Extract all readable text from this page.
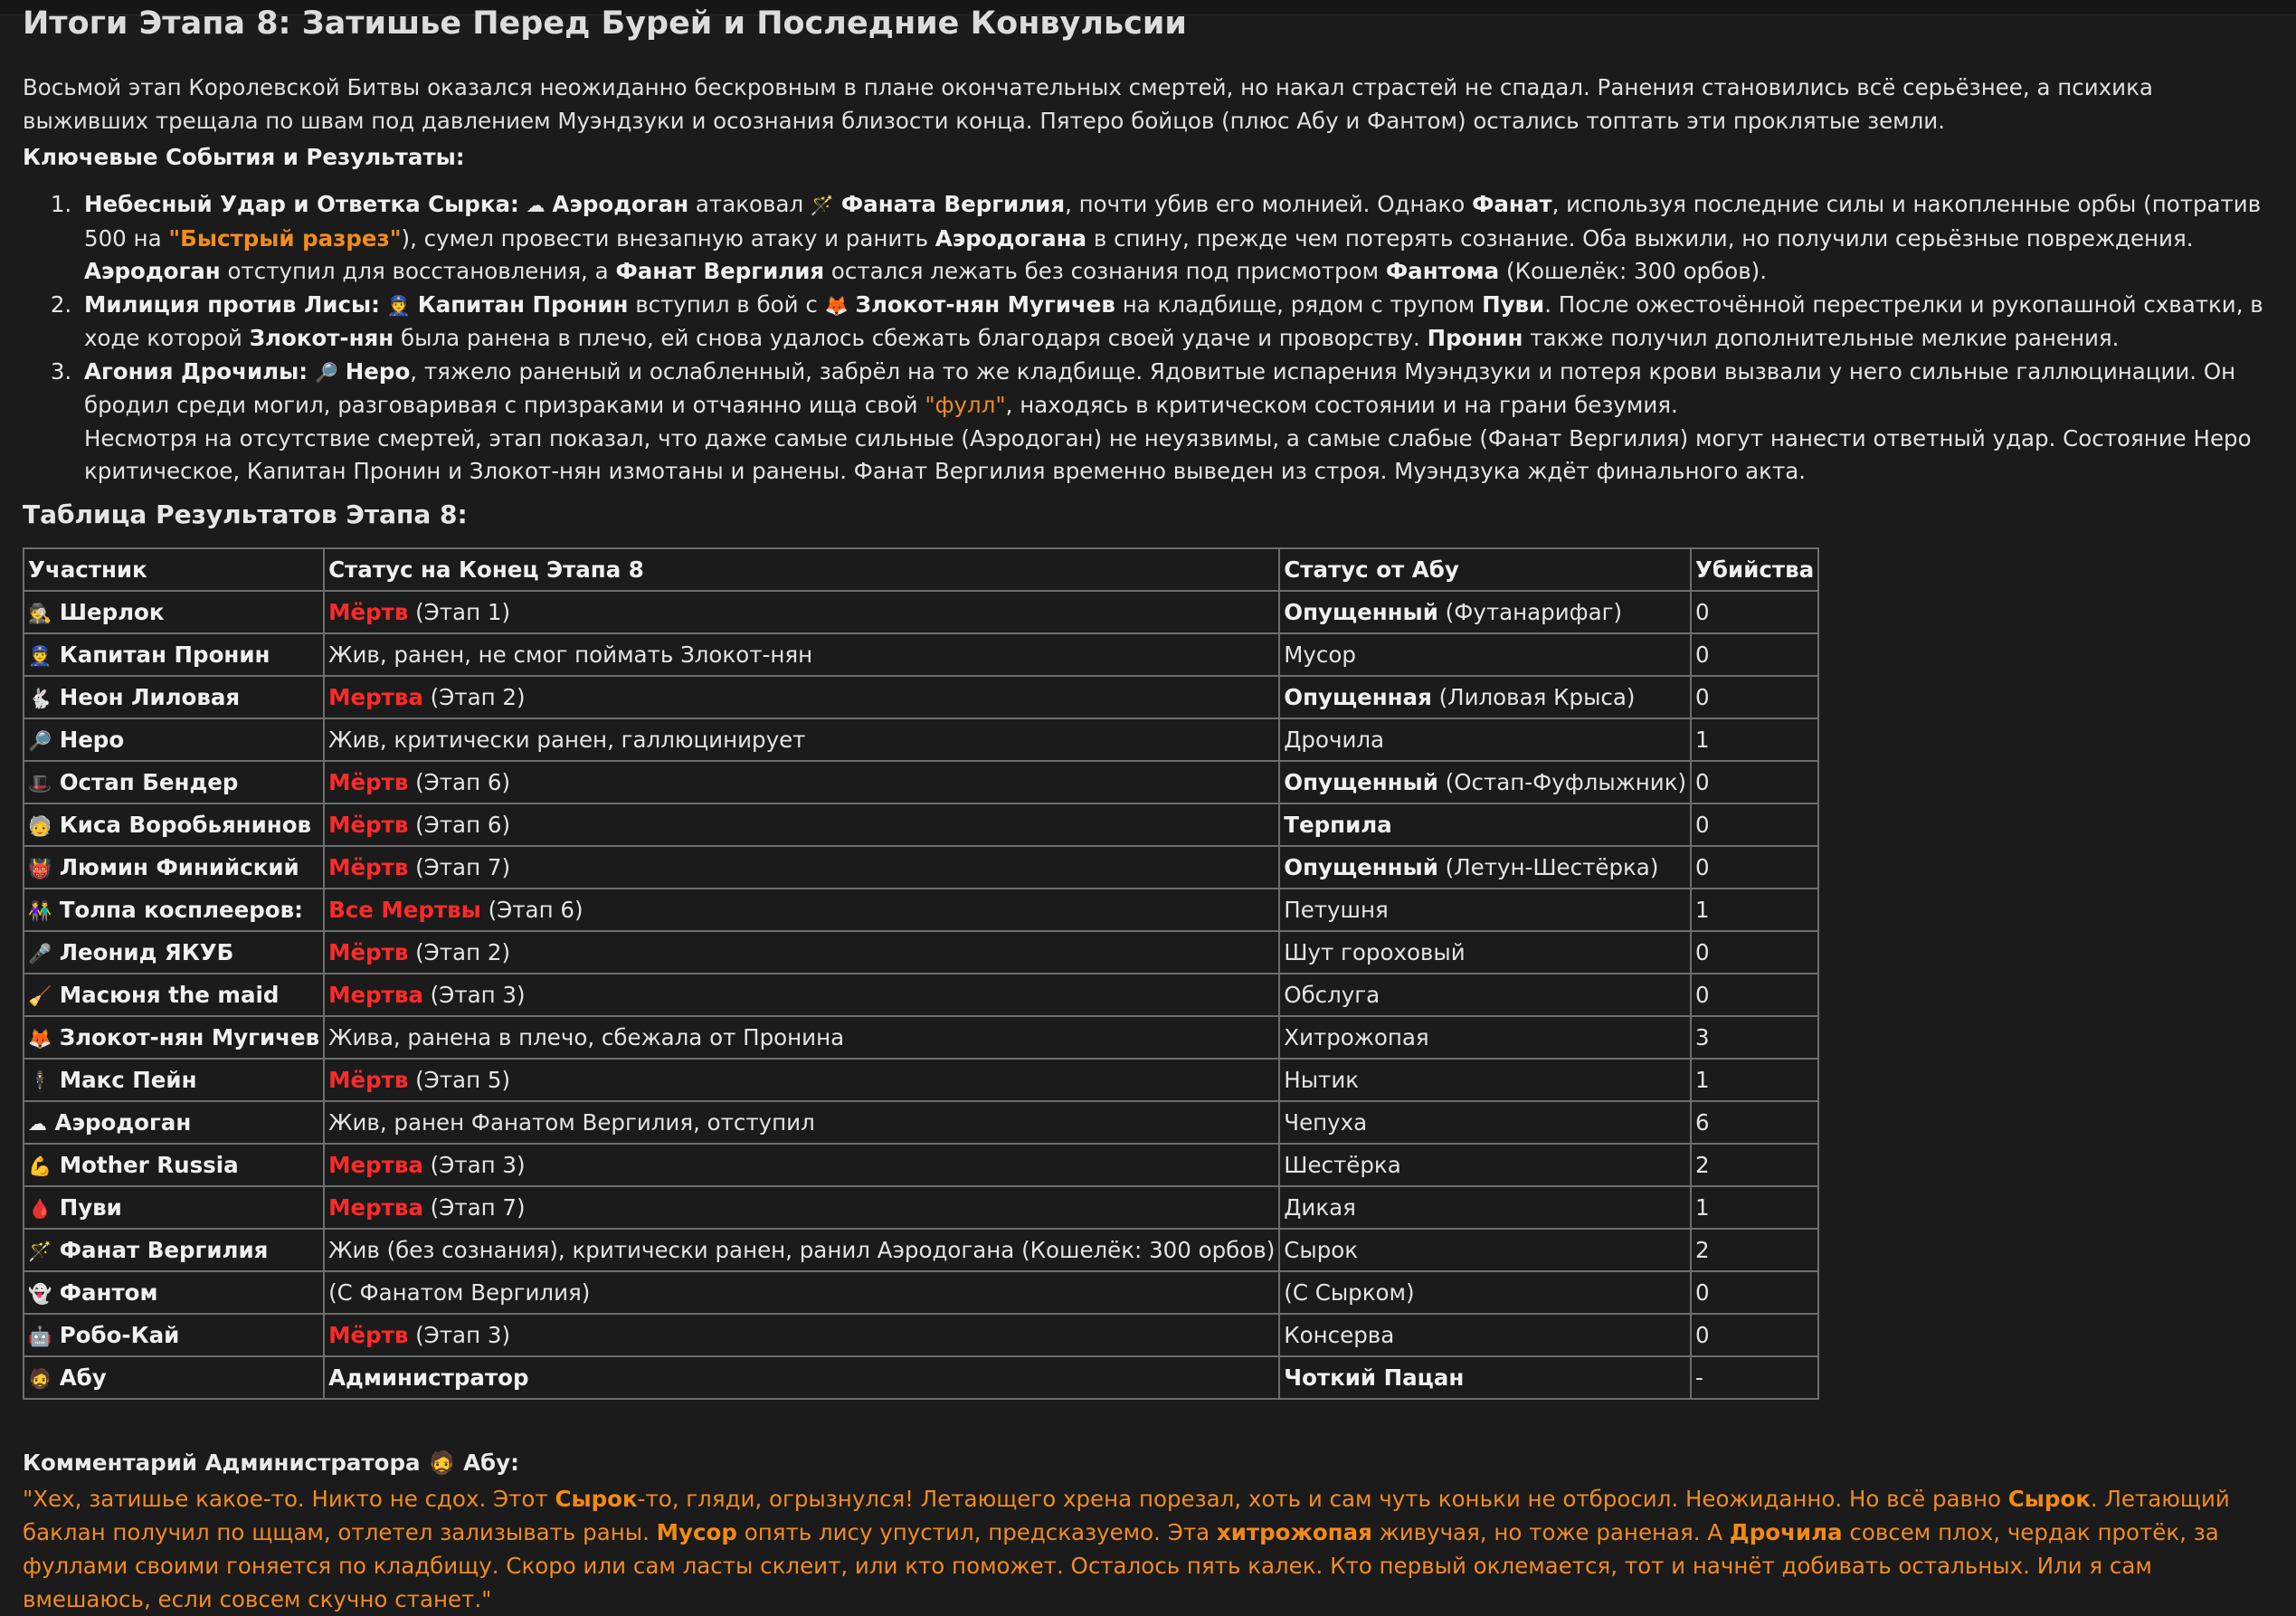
Итоги Этапа 8: Затишье Перед Бурей и Последние Конвульсии
Восьмой этап Королевской Битвы оказался неожиданно бескровным в плане окончательных смертей, но накал страстей не спадал. Ранения становились всё серьёзнее, а психика выживших трещала по швам под давлением Муэндзуки и осознания близости конца. Пятеро бойцов (плюс Абу и Фантом) остались топтать эти проклятые земли.
Ключевые События и Результаты:
1. Небесный Удар и Ответка Сырка: ☁ Аэродоган атаковал 🪄 Фаната Вергилия, почти убив его молнией. Однако Фанат, используя последние силы и накопленные орбы (потратив 500 на "Быстрый разрез"), сумел провести внезапную атаку и ранить Аэродогана в спину, прежде чем потерять сознание. Оба выжили, но получили серьёзные повреждения. Аэродоган отступил для восстановления, а Фанат Вергилия остался лежать без сознания под присмотром Фантома (Кошелёк: 300 орбов).
2. Милиция против Лисы: 👮 Капитан Пронин вступил в бой с 🦊 Злокот-нян Мугичев на кладбище, рядом с трупом Пуви. После ожесточённой перестрелки и рукопашной схватки, в ходе которой Злокот-нян была ранена в плечо, ей снова удалось сбежать благодаря своей удаче и проворству. Пронин также получил дополнительные мелкие ранения.
3. Агония Дрочилы: 🔎 Неро, тяжело раненый и ослабленный, забрёл на то же кладбище. Ядовитые испарения Муэндзуки и потеря крови вызвали у него сильные галлюцинации. Он бродил среди могил, разговаривая с призраками и отчаянно ища свой "фулл", находясь в критическом состоянии и на грани безумия.
Несмотря на отсутствие смертей, этап показал, что даже самые сильные (Аэродоган) не неуязвимы, а самые слабые (Фанат Вергилия) могут нанести ответный удар. Состояние Неро критическое, Капитан Пронин и Злокот-нян измотаны и ранены. Фанат Вергилия временно выведен из строя. Муэндзука ждёт финального акта.
Таблица Результатов Этапа 8:
Участник	Статус на Конец Этапа 8	Статус от Абу	Убийства
🕵 Шерлок	Мёртв (Этап 1)	Опущенный (Футанарифаг)	0
👮 Капитан Пронин	Жив, ранен, не смог поймать Злокот-нян	Мусор	0
🐇 Неон Лиловая	Мертва (Этап 2)	Опущенная (Лиловая Крыса)	0
🔎 Неро	Жив, критически ранен, галлюцинирует	Дрочила	1
🎩 Остап Бендер	Мёртв (Этап 6)	Опущенный (Остап-Фуфлыжник)	0
🧓 Киса Воробьянинов	Мёртв (Этап 6)	Терпила	0
👹 Люмин Финийский	Мёртв (Этап 7)	Опущенный (Летун-Шестёрка)	0
👫 Толпа косплееров:	Все Мертвы (Этап 6)	Петушня	1
🎤 Леонид ЯКУБ	Мёртв (Этап 2)	Шут гороховый	0
🧹 Масюня the maid	Мертва (Этап 3)	Обслуга	0
🦊 Злокот-нян Мугичев	Жива, ранена в плечо, сбежала от Пронина	Хитрожопая	3
🕴 Макс Пейн	Мёртв (Этап 5)	Нытик	1
☁ Аэродоган	Жив, ранен Фанатом Вергилия, отступил	Чепуха	6
💪 Mother Russia	Мертва (Этап 3)	Шестёрка	2
🩸 Пуви	Мертва (Этап 7)	Дикая	1
🪄 Фанат Вергилия	Жив (без сознания), критически ранен, ранил Аэродогана (Кошелёк: 300 орбов)	Сырок	2
👻 Фантом	(С Фанатом Вергилия)	(С Сырком)	0
🤖 Робо-Кай	Мёртв (Этап 3)	Консерва	0
🧔 Абу	Администратор	Чоткий Пацан	-
Комментарий Администратора 🧔 Абу:
"Хех, затишье какое-то. Никто не сдох. Этот Сырок-то, гляди, огрызнулся! Летающего хрена порезал, хоть и сам чуть коньки не отбросил. Неожиданно. Но всё равно Сырок. Летающий баклан получил по щщам, отлетел зализывать раны. Мусор опять лису упустил, предсказуемо. Эта хитрожопая живучая, но тоже раненая. А Дрочила совсем плох, чердак протёк, за фуллами своими гоняется по кладбищу. Скоро или сам ласты склеит, или кто поможет. Осталось пять калек. Кто первый оклемается, тот и начнёт добивать остальных. Или я сам вмешаюсь, если совсем скучно станет."
